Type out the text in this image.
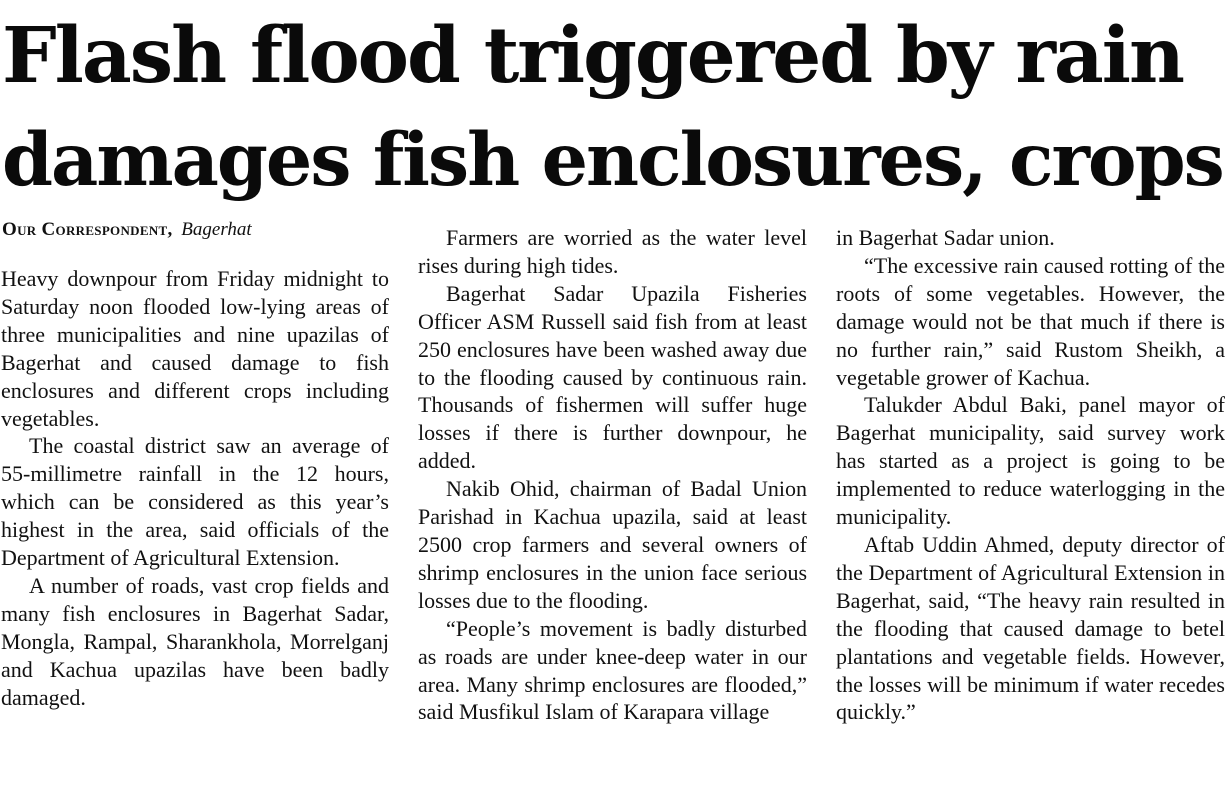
Flash flood triggered by rain
damages fish enclosures, crops
Our Correspondent, Bagerhat

Heavy downpour from Friday midnight to Saturday noon flooded low-lying areas of three municipalities and nine upazilas of Bagerhat and caused damage to fish enclosures and different crops including vegetables.

The coastal district saw an average of 55-millimetre rainfall in the 12 hours, which can be considered as this year’s highest in the area, said officials of the Department of Agricultural Extension.

A number of roads, vast crop fields and many fish enclosures in Bagerhat Sadar, Mongla, Rampal, Sharankhola, Morrelganj and Kachua upazilas have been badly damaged.

Farmers are worried as the water level rises during high tides.

Bagerhat Sadar Upazila Fisheries Officer ASM Russell said fish from at least 250 enclosures have been washed away due to the flooding caused by continuous rain. Thousands of fishermen will suffer huge losses if there is further downpour, he added.

Nakib Ohid, chairman of Badal Union Parishad in Kachua upazila, said at least 2500 crop farmers and several owners of shrimp enclosures in the union face serious losses due to the flooding.

“People’s movement is badly disturbed as roads are under knee-deep water in our area. Many shrimp enclosures are flooded,” said Musfikul Islam of Karapara village

in Bagerhat Sadar union.

“The excessive rain caused rotting of the roots of some vegetables. However, the damage would not be that much if there is no further rain,” said Rustom Sheikh, a vegetable grower of Kachua.

Talukder Abdul Baki, panel mayor of Bagerhat municipality, said survey work has started as a project is going to be implemented to reduce waterlogging in the municipality.

Aftab Uddin Ahmed, deputy director of the Department of Agricultural Extension in Bagerhat, said, “The heavy rain resulted in the flooding that caused damage to betel plantations and vegetable fields. However, the losses will be minimum if water recedes quickly.”
